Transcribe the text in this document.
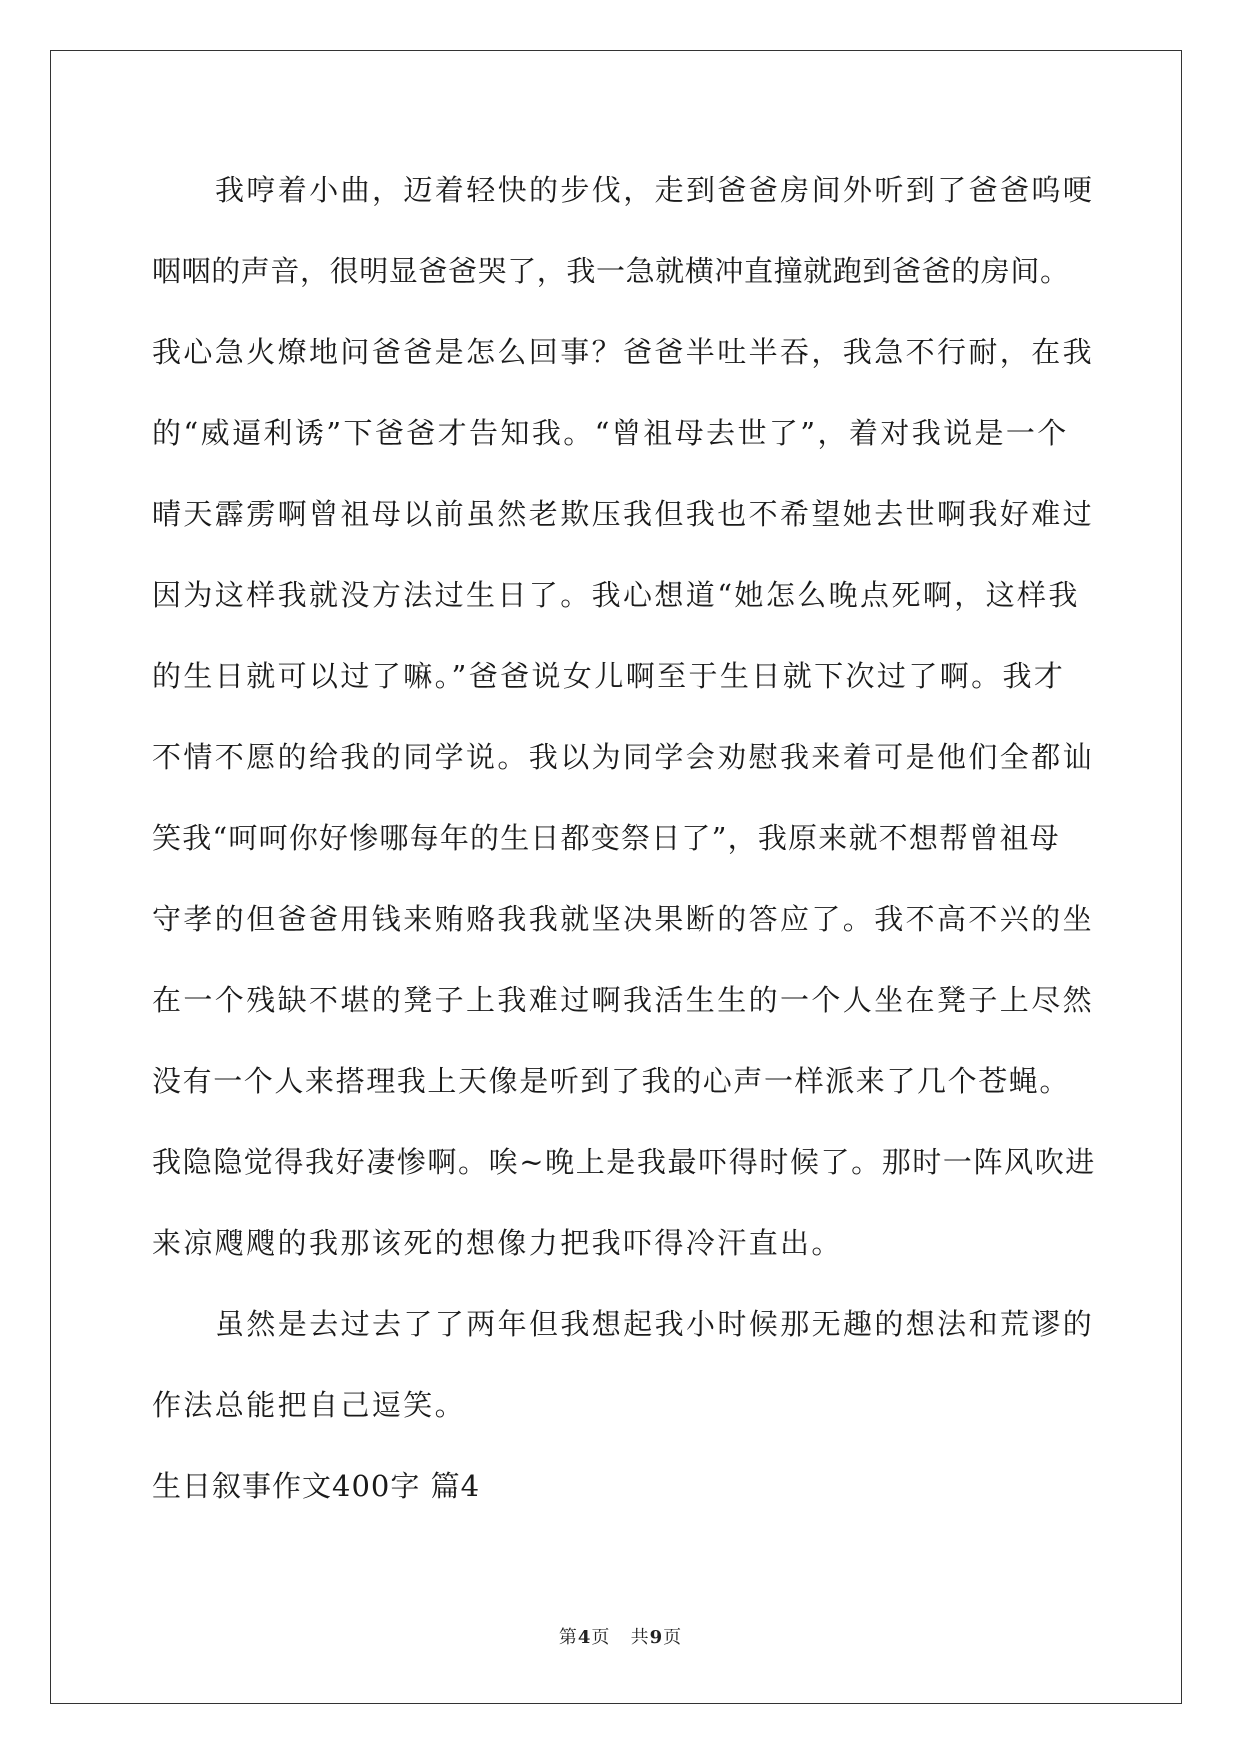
我哼着小曲，迈着轻快的步伐，走到爸爸房间外听到了爸爸呜哽
咽咽的声音，很明显爸爸哭了，我一急就横冲直撞就跑到爸爸的房间。
我心急火燎地问爸爸是怎么回事？爸爸半吐半吞，我急不行耐，在我
的“威逼利诱”下爸爸才告知我。“曾祖母去世了”，着对我说是一个
晴天霹雳啊曾祖母以前虽然老欺压我但我也不希望她去世啊我好难过
因为这样我就没方法过生日了。我心想道“她怎么晚点死啊，这样我
的生日就可以过了嘛。”爸爸说女儿啊至于生日就下次过了啊。我才
不情不愿的给我的同学说。我以为同学会劝慰我来着可是他们全都讪
笑我“呵呵你好惨哪每年的生日都变祭日了”，我原来就不想帮曾祖母
守孝的但爸爸用钱来贿赂我我就坚决果断的答应了。我不高不兴的坐
在一个残缺不堪的凳子上我难过啊我活生生的一个人坐在凳子上尽然
没有一个人来搭理我上天像是听到了我的心声一样派来了几个苍蝇。
我隐隐觉得我好凄惨啊。唉~晚上是我最吓得时候了。那时一阵风吹进
来凉飕飕的我那该死的想像力把我吓得冷汗直出。
虽然是去过去了了两年但我想起我小时候那无趣的想法和荒谬的
作法总能把自己逗笑。
生日叙事作文400字 篇4
第4页 共9页
